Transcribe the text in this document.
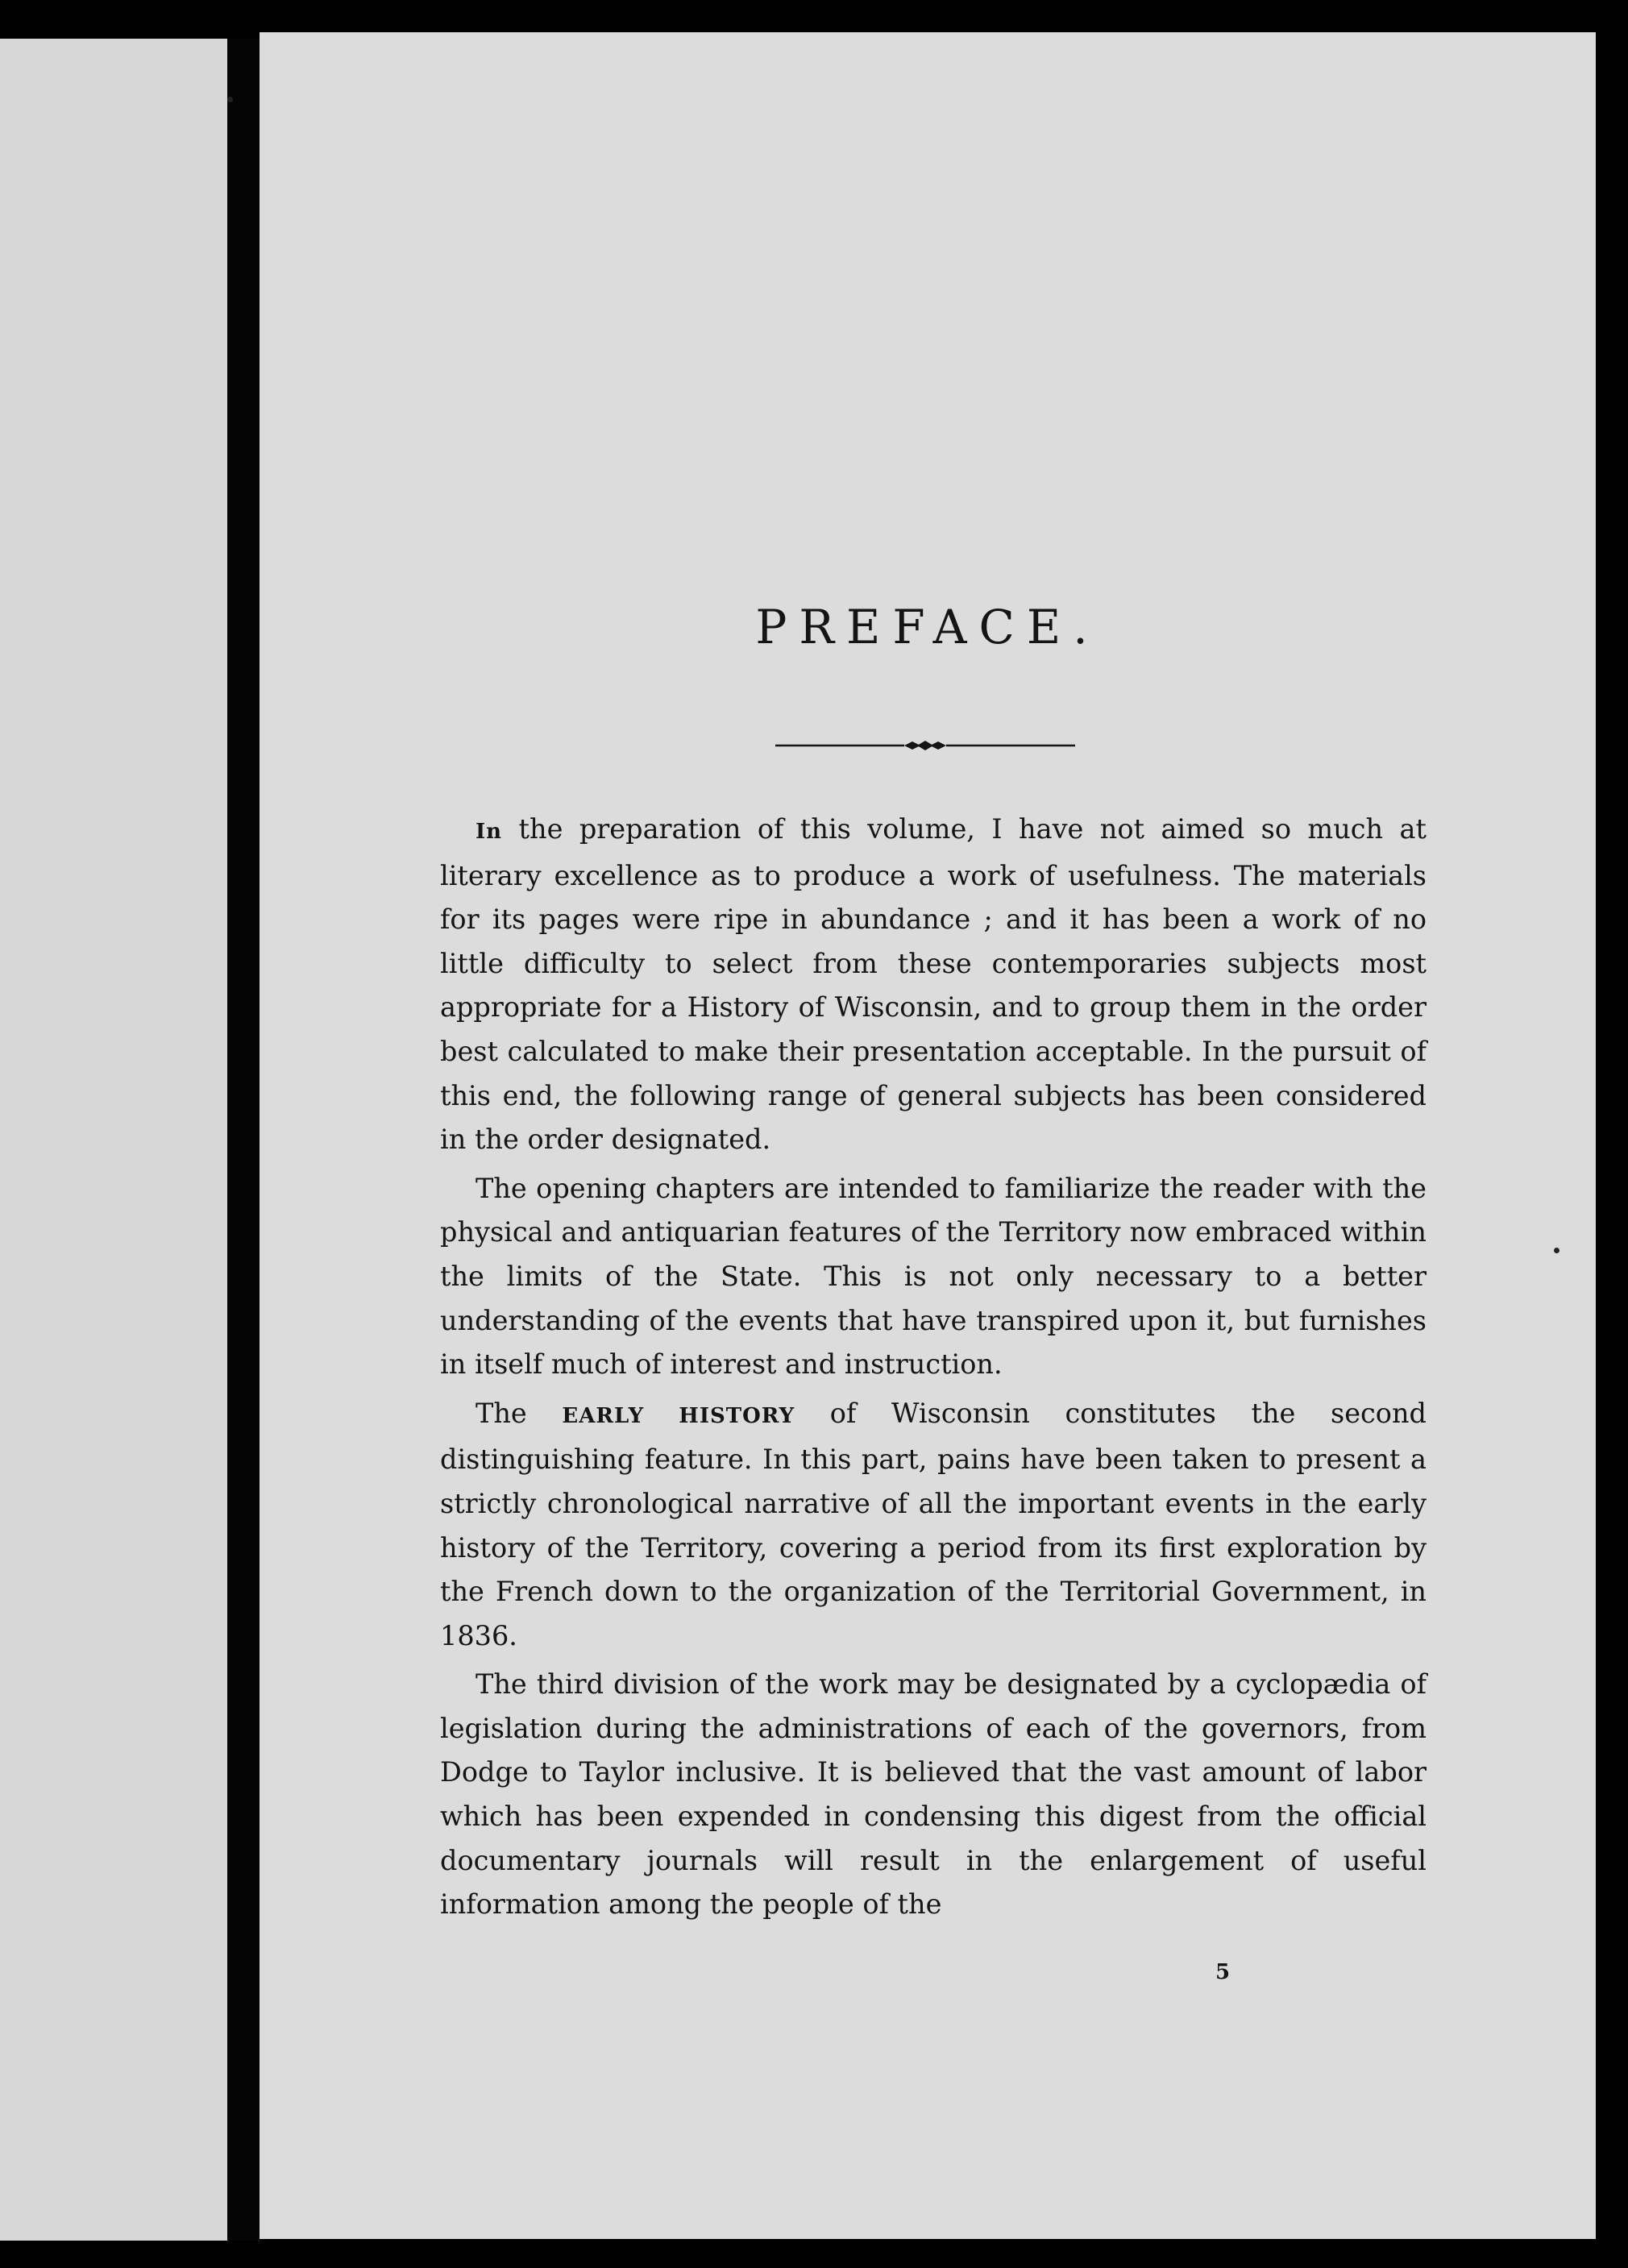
PREFACE.

In the preparation of this volume, I have not aimed so much at literary excellence as to produce a work of usefulness. The materials for its pages were ripe in abundance ; and it has been a work of no little difficulty to select from these contemporaries subjects most appropriate for a History of Wisconsin, and to group them in the order best calculated to make their presentation acceptable. In the pursuit of this end, the following range of general subjects has been considered in the order designated.

The opening chapters are intended to familiarize the reader with the physical and antiquarian features of the Territory now embraced within the limits of the State. This is not only necessary to a better understanding of the events that have transpired upon it, but furnishes in itself much of interest and instruction.

The EARLY HISTORY of Wisconsin constitutes the second distinguishing feature. In this part, pains have been taken to present a strictly chronological narrative of all the important events in the early history of the Territory, covering a period from its first exploration by the French down to the organization of the Territorial Government, in 1836.

The third division of the work may be designated by a cyclopædia of legislation during the administrations of each of the governors, from Dodge to Taylor inclusive. It is believed that the vast amount of labor which has been expended in condensing this digest from the official documentary journals will result in the enlargement of useful information among the people of the

5
